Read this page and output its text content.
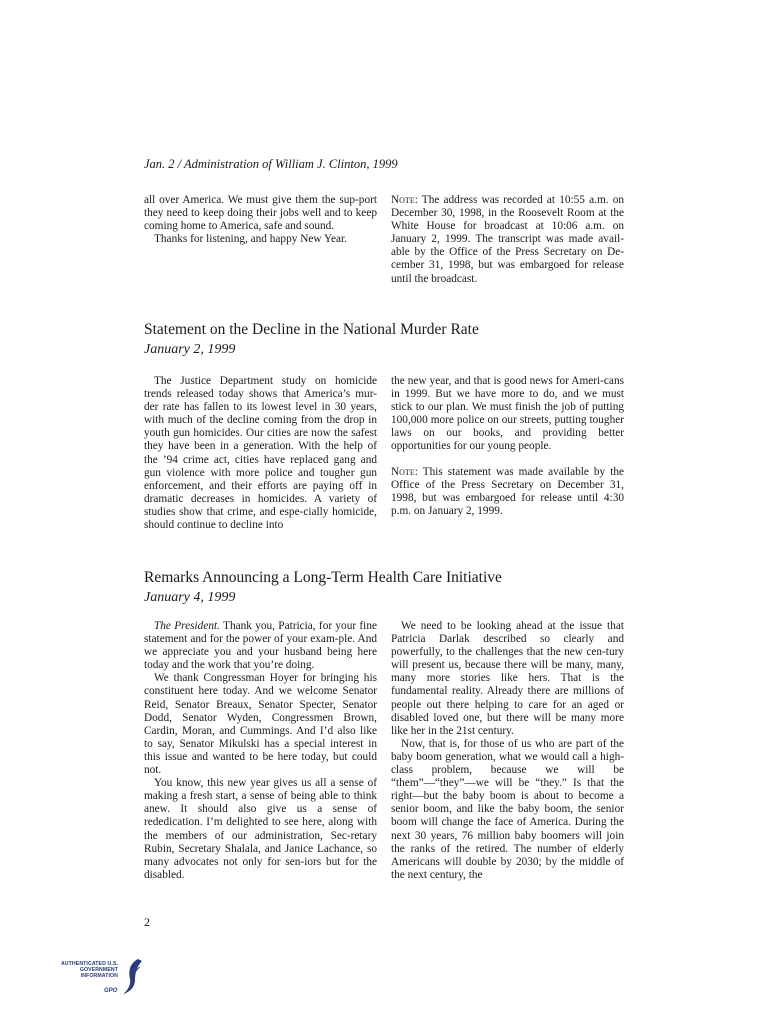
Jan. 2 / Administration of William J. Clinton, 1999

all over America. We must give them the sup-port they need to keep doing their jobs well and to keep coming home to America, safe and sound.

Thanks for listening, and happy New Year.

Note: The address was recorded at 10:55 a.m. on December 30, 1998, in the Roosevelt Room at the White House for broadcast at 10:06 a.m. on January 2, 1999. The transcript was made avail-able by the Office of the Press Secretary on De-cember 31, 1998, but was embargoed for release until the broadcast.

Statement on the Decline in the National Murder Rate
January 2, 1999

The Justice Department study on homicide trends released today shows that America’s mur-der rate has fallen to its lowest level in 30 years, with much of the decline coming from the drop in youth gun homicides. Our cities are now the safest they have been in a generation. With the help of the ’94 crime act, cities have replaced gang and gun violence with more police and tougher gun enforcement, and their efforts are paying off in dramatic decreases in homicides. A variety of studies show that crime, and espe-cially homicide, should continue to decline into

the new year, and that is good news for Ameri-cans in 1999. But we have more to do, and we must stick to our plan. We must finish the job of putting 100,000 more police on our streets, putting tougher laws on our books, and providing better opportunities for our young people.

Note: This statement was made available by the Office of the Press Secretary on December 31, 1998, but was embargoed for release until 4:30 p.m. on January 2, 1999.

Remarks Announcing a Long-Term Health Care Initiative
January 4, 1999

The President. Thank you, Patricia, for your fine statement and for the power of your exam-ple. And we appreciate you and your husband being here today and the work that you’re doing.

We thank Congressman Hoyer for bringing his constituent here today. And we welcome Senator Reid, Senator Breaux, Senator Specter, Senator Dodd, Senator Wyden, Congressmen Brown, Cardin, Moran, and Cummings. And I’d also like to say, Senator Mikulski has a special interest in this issue and wanted to be here today, but could not.

You know, this new year gives us all a sense of making a fresh start, a sense of being able to think anew. It should also give us a sense of rededication. I’m delighted to see here, along with the members of our administration, Sec-retary Rubin, Secretary Shalala, and Janice Lachance, so many advocates not only for sen-iors but for the disabled.

We need to be looking ahead at the issue that Patricia Darlak described so clearly and powerfully, to the challenges that the new cen-tury will present us, because there will be many, many, many more stories like hers. That is the fundamental reality. Already there are millions of people out there helping to care for an aged or disabled loved one, but there will be many more like her in the 21st century.

Now, that is, for those of us who are part of the baby boom generation, what we would call a high-class problem, because we will be “them”—“they”—we will be “they.” Is that the right—but the baby boom is about to become a senior boom, and like the baby boom, the senior boom will change the face of America. During the next 30 years, 76 million baby boomers will join the ranks of the retired. The number of elderly Americans will double by 2030; by the middle of the next century, the

2
AUTHENTICATED U.S. GOVERNMENT INFORMATION
GPO
